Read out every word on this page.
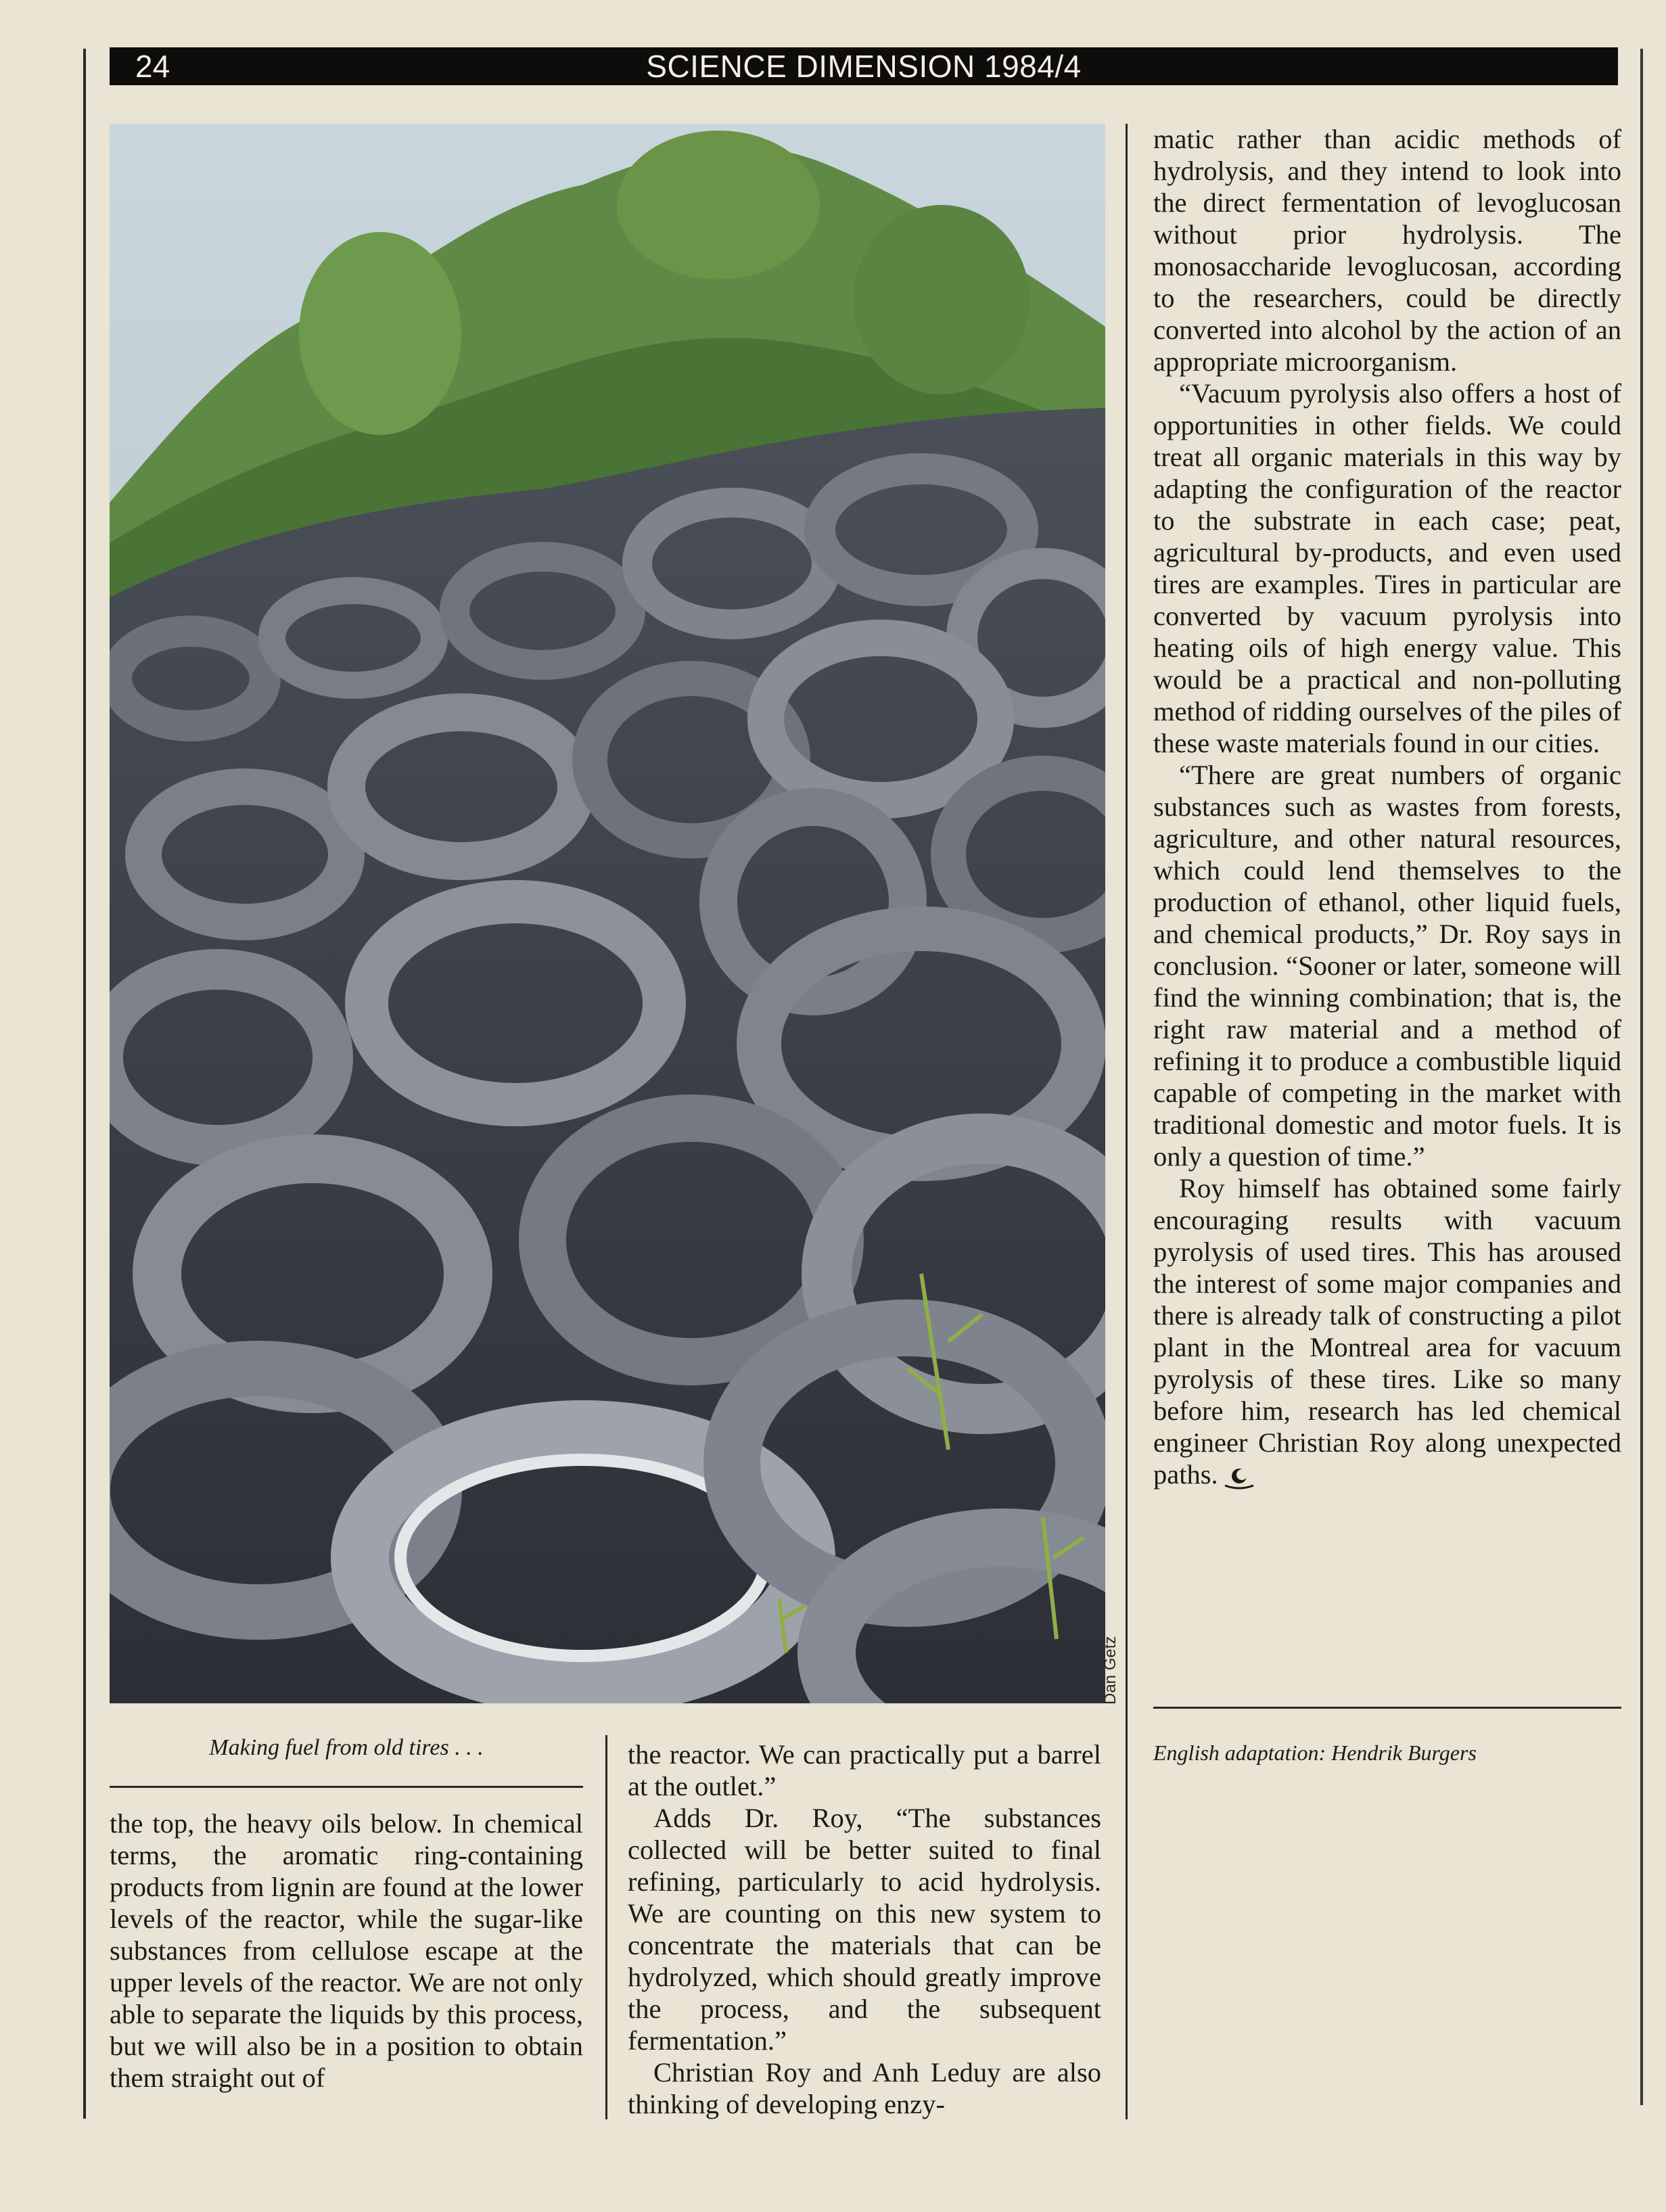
24	SCIENCE DIMENSION 1984/4
Dan Getz
Making fuel from old tires . . .

the top, the heavy oils below. In chemical terms, the aromatic ring-containing products from lignin are found at the lower levels of the reactor, while the sugar-like substances from cellulose escape at the upper levels of the reactor. We are not only able to separate the liquids by this process, but we will also be in a position to obtain them straight out of

the reactor. We can practically put a barrel at the outlet.”

Adds Dr. Roy, “The substances collected will be better suited to final refining, particularly to acid hydrolysis. We are counting on this new system to concentrate the materials that can be hydrolyzed, which should greatly improve the process, and the subsequent fermentation.”

Christian Roy and Anh Leduy are also thinking of developing enzy-

matic rather than acidic methods of hydrolysis, and they intend to look into the direct fermentation of levoglucosan without prior hydrolysis. The monosaccharide levoglucosan, according to the researchers, could be directly converted into alcohol by the action of an appropriate microorganism.

“Vacuum pyrolysis also offers a host of opportunities in other fields. We could treat all organic materials in this way by adapting the configuration of the reactor to the substrate in each case; peat, agricultural by-products, and even used tires are examples. Tires in particular are converted by vacuum pyrolysis into heating oils of high energy value. This would be a practical and non-polluting method of ridding ourselves of the piles of these waste materials found in our cities.

“There are great numbers of organic substances such as wastes from forests, agriculture, and other natural resources, which could lend themselves to the production of ethanol, other liquid fuels, and chemical products,” Dr. Roy says in conclusion. “Sooner or later, someone will find the winning combination; that is, the right raw material and a method of refining it to produce a combustible liquid capable of competing in the market with traditional domestic and motor fuels. It is only a question of time.”

Roy himself has obtained some fairly encouraging results with vacuum pyrolysis of used tires. This has aroused the interest of some major companies and there is already talk of constructing a pilot plant in the Montreal area for vacuum pyrolysis of these tires. Like so many before him, research has led chemical engineer Christian Roy along unexpected paths.

English adaptation: Hendrik Burgers
